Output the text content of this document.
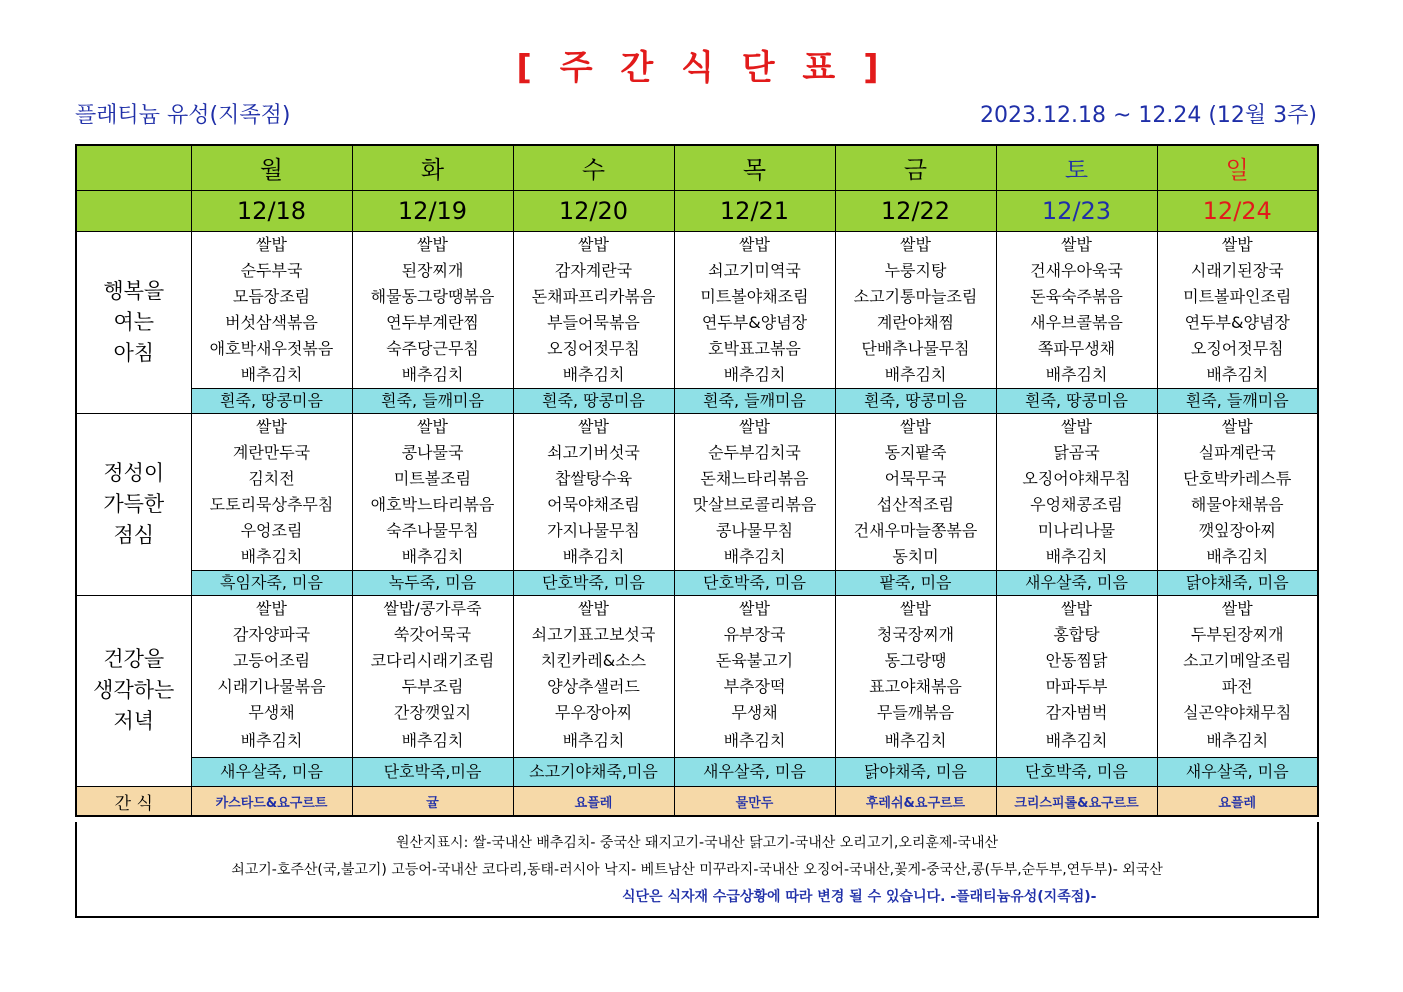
[ 주 간 식 단 표 ]
플래티늄 유성(지족점)	2023.12.18 ~ 12.24 (12월 3주)
	월	화	수	목	금	토	일
	12/18	12/19	12/20	12/21	12/22	12/23	12/24

행복을
여는
아침	쌀밥	쌀밥	쌀밥	쌀밥	쌀밥	쌀밥	쌀밥
	순두부국	된장찌개	감자계란국	쇠고기미역국	누룽지탕	건새우아욱국	시래기된장국
	모듬장조림	해물동그랑땡볶음	돈채파프리카볶음	미트볼야채조림	소고기통마늘조림	돈육숙주볶음	미트볼파인조림
	버섯삼색볶음	연두부계란찜	부들어묵볶음	연두부&양념장	계란야채찜	새우브콜볶음	연두부&양념장
	애호박새우젓볶음	숙주당근무침	오징어젓무침	호박표고볶음	단배추나물무침	쪽파무생채	오징어젓무침
	배추김치	배추김치	배추김치	배추김치	배추김치	배추김치	배추김치
	흰죽, 땅콩미음	흰죽, 들깨미음	흰죽, 땅콩미음	흰죽, 들깨미음	흰죽, 땅콩미음	흰죽, 땅콩미음	흰죽, 들깨미음

정성이
가득한
점심	쌀밥	쌀밥	쌀밥	쌀밥	쌀밥	쌀밥	쌀밥
	계란만두국	콩나물국	쇠고기버섯국	순두부김치국	동지팥죽	닭곰국	실파계란국
	김치전	미트볼조림	찹쌀탕수육	돈채느타리볶음	어묵무국	오징어야채무침	단호박카레스튜
	도토리묵상추무침	애호박느타리볶음	어묵야채조림	맛살브로콜리볶음	섭산적조림	우엉채콩조림	해물야채볶음
	우엉조림	숙주나물무침	가지나물무침	콩나물무침	건새우마늘쫑볶음	미나리나물	깻잎장아찌
	배추김치	배추김치	배추김치	배추김치	동치미	배추김치	배추김치
	흑임자죽, 미음	녹두죽, 미음	단호박죽, 미음	단호박죽, 미음	팥죽, 미음	새우살죽, 미음	닭야채죽, 미음

건강을
생각하는
저녁	쌀밥	쌀밥/콩가루죽	쌀밥	쌀밥	쌀밥	쌀밥	쌀밥
	감자양파국	쑥갓어묵국	쇠고기표고보섯국	유부장국	청국장찌개	홍합탕	두부된장찌개
	고등어조림	코다리시래기조림	치킨카레&소스	돈육불고기	동그랑땡	안동찜닭	소고기메알조림
	시래기나물볶음	두부조림	양상추샐러드	부추장떡	표고야채볶음	마파두부	파전
	무생채	간장깻잎지	무우장아찌	무생채	무들깨볶음	감자범벅	실곤약야채무침
	배추김치	배추김치	배추김치	배추김치	배추김치	배추김치	배추김치
	새우살죽, 미음	단호박죽,미음	소고기야채죽,미음	새우살죽, 미음	닭야채죽, 미음	단호박죽, 미음	새우살죽, 미음
간 식	카스타드&요구르트	귤	요플레	물만두	후레쉬&요구르트	크리스피롤&요구르트	요플레
원산지표시: 쌀-국내산 배추김치- 중국산 돼지고기-국내산 닭고기-국내산 오리고기,오리훈제-국내산
쇠고기-호주산(국,불고기) 고등어-국내산 코다리,동태-러시아 낙지- 베트남산 미꾸라지-국내산 오징어-국내산,꽃게-중국산,콩(두부,순두부,연두부)- 외국산
식단은 식자재 수급상황에 따라 변경 될 수 있습니다. -플래티늄유성(지족점)-
